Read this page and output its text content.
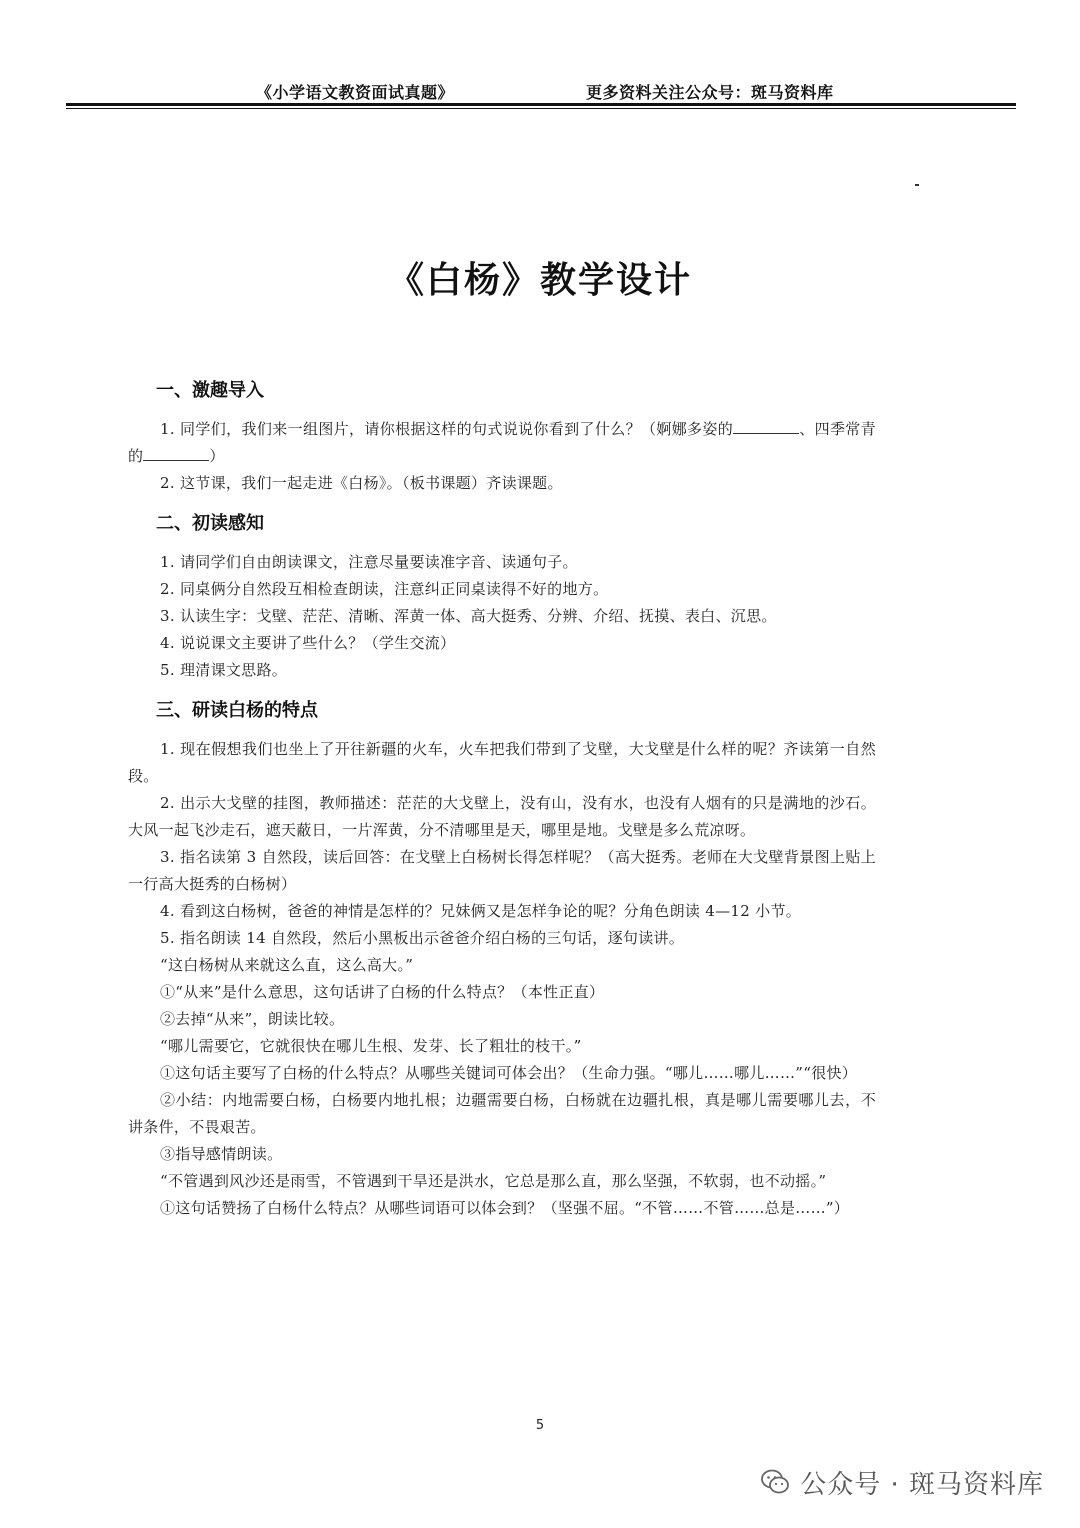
《小学语文教资面试真题》	更多资料关注公众号：斑马资料库
《白杨》教学设计
一、激趣导入

1. 同学们，我们来一组图片，请你根据这样的句式说说你看到了什么？（婀娜多姿的	、四季常青的	）

2. 这节课，我们一起走进《白杨》。（板书课题）齐读课题。

二、初读感知

1. 请同学们自由朗读课文，注意尽量要读准字音、读通句子。

2. 同桌俩分自然段互相检查朗读，注意纠正同桌读得不好的地方。

3. 认读生字：戈壁、茫茫、清晰、浑黄一体、高大挺秀、分辨、介绍、抚摸、表白、沉思。

4. 说说课文主要讲了些什么？（学生交流）

5. 理清课文思路。

三、研读白杨的特点

1. 现在假想我们也坐上了开往新疆的火车，火车把我们带到了戈壁，大戈壁是什么样的呢？齐读第一自然段。

2. 出示大戈壁的挂图，教师描述：茫茫的大戈壁上，没有山，没有水，也没有人烟有的只是满地的沙石。大风一起飞沙走石，遮天蔽日，一片浑黄，分不清哪里是天，哪里是地。戈壁是多么荒凉呀。

3. 指名读第 3 自然段，读后回答：在戈壁上白杨树长得怎样呢？（高大挺秀。老师在大戈壁背景图上贴上一行高大挺秀的白杨树）

4. 看到这白杨树，爸爸的神情是怎样的？兄妹俩又是怎样争论的呢？分角色朗读 4—12 小节。

5. 指名朗读 14 自然段，然后小黑板出示爸爸介绍白杨的三句话，逐句读讲。

“这白杨树从来就这么直，这么高大。”

①“从来”是什么意思，这句话讲了白杨的什么特点？（本性正直）

②去掉“从来”，朗读比较。

“哪儿需要它，它就很快在哪儿生根、发芽、长了粗壮的枝干。”

①这句话主要写了白杨的什么特点？从哪些关键词可体会出？（生命力强。“哪儿……哪儿……”“很快）

②小结：内地需要白杨，白杨要内地扎根；边疆需要白杨，白杨就在边疆扎根，真是哪儿需要哪儿去，不讲条件，不畏艰苦。

③指导感情朗读。

“不管遇到风沙还是雨雪，不管遇到干旱还是洪水，它总是那么直，那么坚强，不软弱，也不动摇。”

①这句话赞扬了白杨什么特点？从哪些词语可以体会到？（坚强不屈。“不管……不管……总是……”）

5
公众号 · 斑马资料库
